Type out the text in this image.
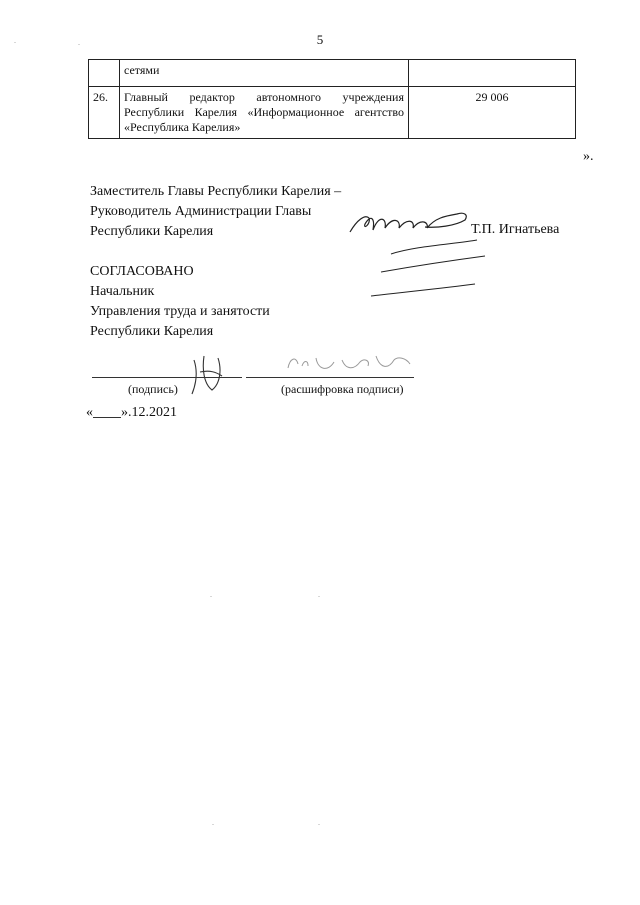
5
	сетями	
26.	Главный редактор автономного учреждения Республики Карелия «Информационное агентство «Республика Карелия»	29 006
».
Заместитель Главы Республики Карелия –
Руководитель Администрации Главы
Республики Карелия	Т.П. Игнатьева
СОГЛАСОВАНО
Начальник
Управления труда и занятости
Республики Карелия
(подпись)	(расшифровка подписи)
« ».12.2021
.	.
.	.
.	.
